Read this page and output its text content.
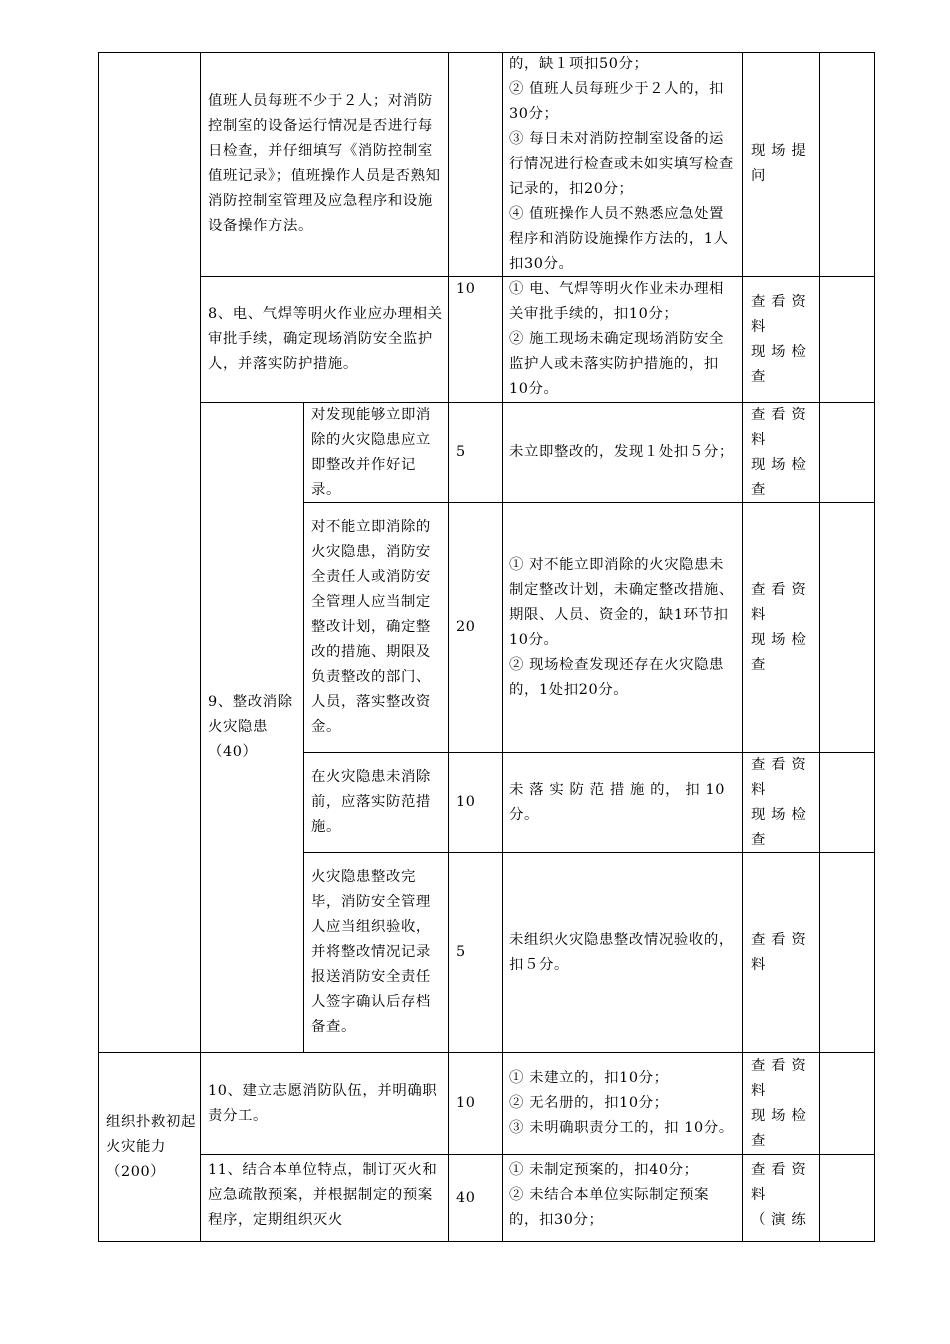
值班人员每班不少于２人；对消防控制室的设备运行情况是否进行每日检查，并仔细填写《消防控制室值班记录》；值班操作人员是否熟知消防控制室管理及应急程序和设施设备操作方法。
的，缺１项扣50分；
② 值班人员每班少于２人的，扣30分；
③ 每日未对消防控制室设备的运行情况进行检查或未如实填写检查记录的，扣20分；
④ 值班操作人员不熟悉应急处置程序和消防设施操作方法的，1人扣30分。
现 场 提 问
8、电、气焊等明火作业应办理相关审批手续，确定现场消防安全监护人，并落实防护措施。
10	① 电、气焊等明火作业未办理相关审批手续的，扣10分；
② 施工现场未确定现场消防安全监护人或未落实防护措施的，扣10分。
查 看 资 料
现 场 检 查
9、整改消除火灾隐患（40）
对发现能够立即消除的火灾隐患应立即整改并作好记录。
5	未立即整改的，发现１处扣５分；
查 看 资 料
现 场 检 查
对不能立即消除的火灾隐患，消防安全责任人或消防安全管理人应当制定整改计划，确定整改的措施、期限及负责整改的部门、人员，落实整改资金。
20
① 对不能立即消除的火灾隐患未制定整改计划，未确定整改措施、期限、人员、资金的，缺1环节扣10分。
② 现场检查发现还存在火灾隐患的，1处扣20分。
查 看 资 料
现 场 检 查
在火灾隐患未消除前，应落实防范措施。
10
未 落 实 防 范 措 施 的， 扣 10 分。
查 看 资 料
现 场 检 查
火灾隐患整改完毕，消防安全管理人应当组织验收，并将整改情况记录报送消防安全责任人签字确认后存档备查。
5
未组织火灾隐患整改情况验收的，扣５分。
查 看 资 料
组织扑救初起火灾能力（200）
10、建立志愿消防队伍，并明确职责分工。
10
① 未建立的，扣10分；
② 无名册的，扣10分；
③ 未明确职责分工的，扣 10分。
查 看 资 料
现 场 检 查
11、结合本单位特点，制订灭火和应急疏散预案，并根据制定的预案程序，定期组织灭火
40
① 未制定预案的，扣40分；
② 未结合本单位实际制定预案的，扣30分；
查 看 资 料
（ 演 练
